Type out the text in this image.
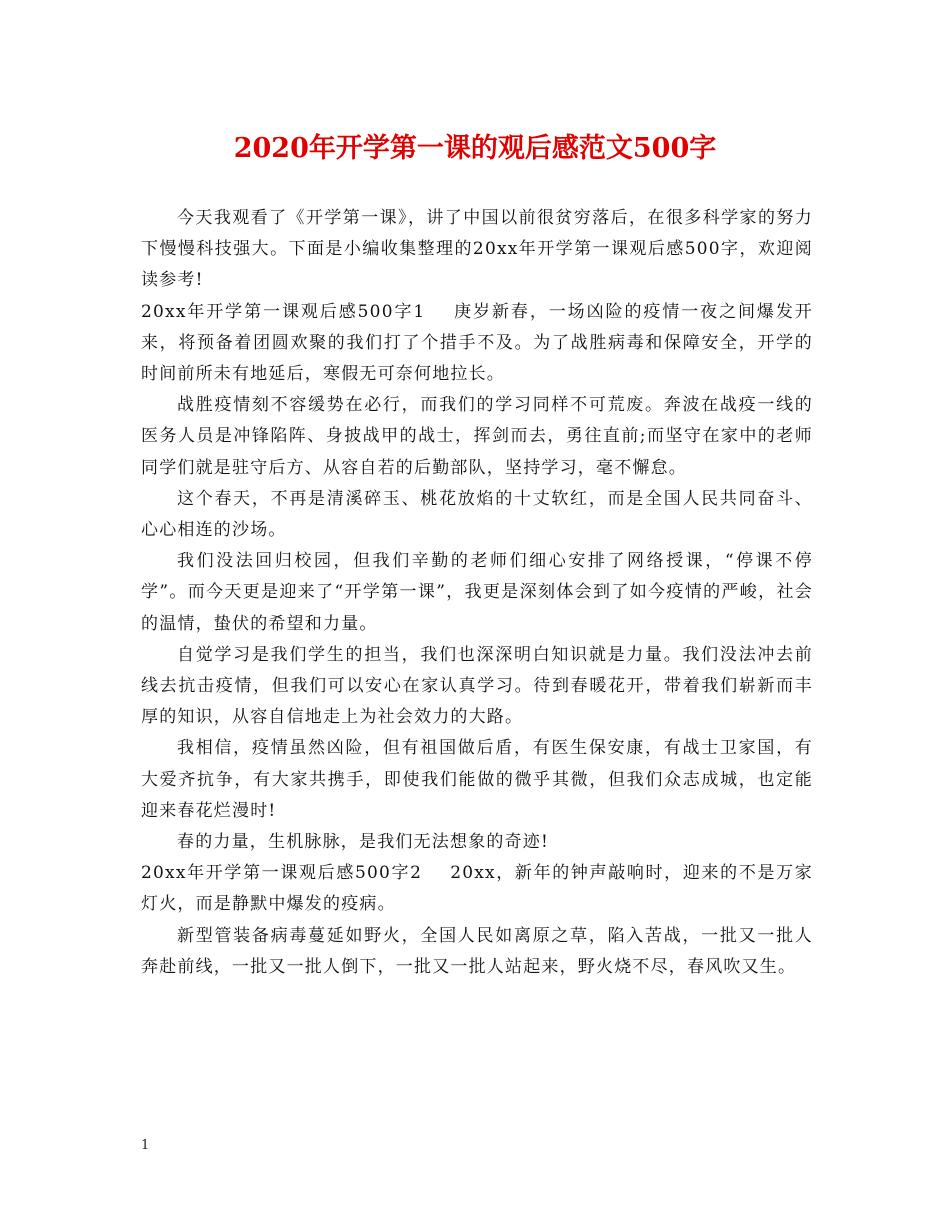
2020年开学第一课的观后感范文500字

今天我观看了《开学第一课》，讲了中国以前很贫穷落后，在很多科学家的努力下慢慢科技强大。下面是小编收集整理的20xx年开学第一课观后感500字，欢迎阅读参考!

20xx年开学第一课观后感500字1 庚岁新春，一场凶险的疫情一夜之间爆发开来，将预备着团圆欢聚的我们打了个措手不及。为了战胜病毒和保障安全，开学的时间前所未有地延后，寒假无可奈何地拉长。

战胜疫情刻不容缓势在必行，而我们的学习同样不可荒废。奔波在战疫一线的医务人员是冲锋陷阵、身披战甲的战士，挥剑而去，勇往直前;而坚守在家中的老师同学们就是驻守后方、从容自若的后勤部队，坚持学习，毫不懈怠。

这个春天，不再是清溪碎玉、桃花放焰的十丈软红，而是全国人民共同奋斗、心心相连的沙场。

我们没法回归校园，但我们辛勤的老师们细心安排了网络授课，“停课不停学”。而今天更是迎来了“开学第一课”，我更是深刻体会到了如今疫情的严峻，社会的温情，蛰伏的希望和力量。

自觉学习是我们学生的担当，我们也深深明白知识就是力量。我们没法冲去前线去抗击疫情，但我们可以安心在家认真学习。待到春暖花开，带着我们崭新而丰厚的知识，从容自信地走上为社会效力的大路。

我相信，疫情虽然凶险，但有祖国做后盾，有医生保安康，有战士卫家国，有大爱齐抗争，有大家共携手，即使我们能做的微乎其微，但我们众志成城，也定能迎来春花烂漫时!

春的力量，生机脉脉，是我们无法想象的奇迹!

20xx年开学第一课观后感500字2 20xx，新年的钟声敲响时，迎来的不是万家灯火，而是静默中爆发的疫病。

新型管装备病毒蔓延如野火，全国人民如离原之草，陷入苦战，一批又一批人奔赴前线，一批又一批人倒下，一批又一批人站起来，野火烧不尽，春风吹又生。

1
